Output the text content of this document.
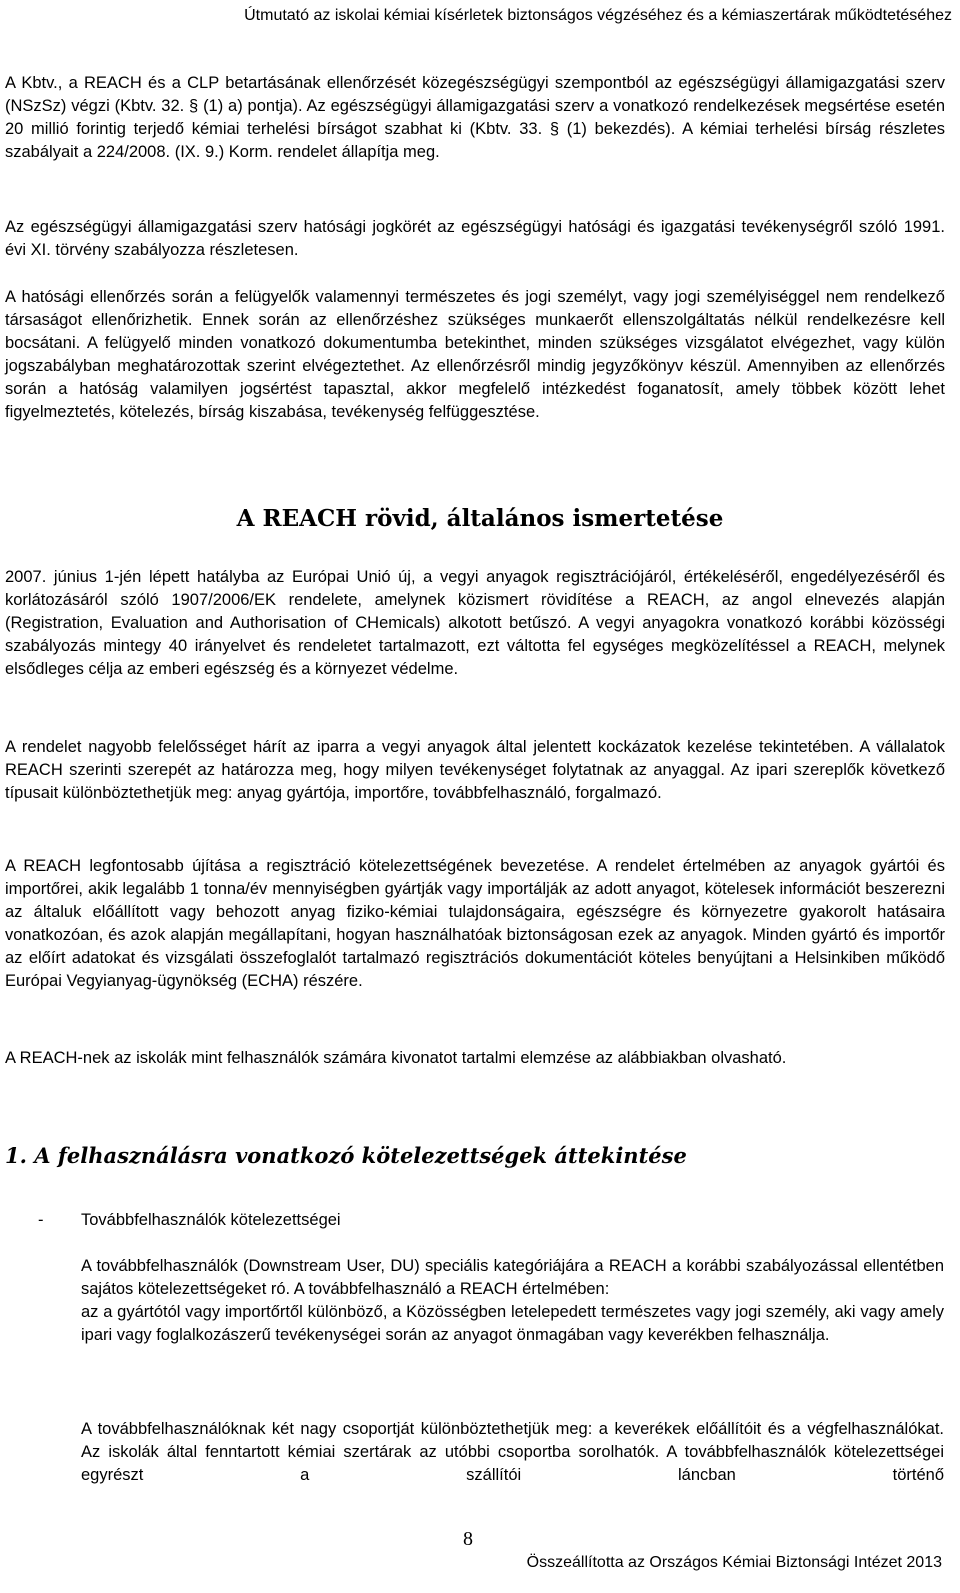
Útmutató az iskolai kémiai kísérletek biztonságos végzéséhez és a kémiaszertárak működtetéséhez

A Kbtv., a REACH és a CLP betartásának ellenőrzését közegészségügyi szempontból az egészségügyi államigazgatási szerv (NSzSz) végzi (Kbtv. 32. § (1) a) pontja). Az egészségügyi államigazgatási szerv a vonatkozó rendelkezések megsértése esetén 20 millió forintig terjedő kémiai terhelési bírságot szabhat ki (Kbtv. 33. § (1) bekezdés). A kémiai terhelési bírság részletes szabályait a 224/2008. (IX. 9.) Korm. rendelet állapítja meg.

Az egészségügyi államigazgatási szerv hatósági jogkörét az egészségügyi hatósági és igazgatási tevékenységről szóló 1991. évi XI. törvény szabályozza részletesen.

A hatósági ellenőrzés során a felügyelők valamennyi természetes és jogi személyt, vagy jogi személyiséggel nem rendelkező társaságot ellenőrizhetik. Ennek során az ellenőrzéshez szükséges munkaerőt ellenszolgáltatás nélkül rendelkezésre kell bocsátani. A felügyelő minden vonatkozó dokumentumba betekinthet, minden szükséges vizsgálatot elvégezhet, vagy külön jogszabályban meghatározottak szerint elvégeztethet. Az ellenőrzésről mindig jegyzőkönyv készül. Amennyiben az ellenőrzés során a hatóság valamilyen jogsértést tapasztal, akkor megfelelő intézkedést foganatosít, amely többek között lehet figyelmeztetés, kötelezés, bírság kiszabása, tevékenység felfüggesztése.

A REACH rövid, általános ismertetése

2007. június 1-jén lépett hatályba az Európai Unió új, a vegyi anyagok regisztrációjáról, értékeléséről, engedélyezéséről és korlátozásáról szóló 1907/2006/EK rendelete, amelynek közismert rövidítése a REACH, az angol elnevezés alapján (Registration, Evaluation and Authorisation of CHemicals) alkotott betűszó. A vegyi anyagokra vonatkozó korábbi közösségi szabályozás mintegy 40 irányelvet és rendeletet tartalmazott, ezt váltotta fel egységes megközelítéssel a REACH, melynek elsődleges célja az emberi egészség és a környezet védelme.

A rendelet nagyobb felelősséget hárít az iparra a vegyi anyagok által jelentett kockázatok kezelése tekintetében. A vállalatok REACH szerinti szerepét az határozza meg, hogy milyen tevékenységet folytatnak az anyaggal. Az ipari szereplők következő típusait különböztethetjük meg: anyag gyártója, importőre, továbbfelhasználó, forgalmazó.

A REACH legfontosabb újítása a regisztráció kötelezettségének bevezetése. A rendelet értelmében az anyagok gyártói és importőrei, akik legalább 1 tonna/év mennyiségben gyártják vagy importálják az adott anyagot, kötelesek információt beszerezni az általuk előállított vagy behozott anyag fiziko-kémiai tulajdonságaira, egészségre és környezetre gyakorolt hatásaira vonatkozóan, és azok alapján megállapítani, hogyan használhatóak biztonságosan ezek az anyagok. Minden gyártó és importőr az előírt adatokat és vizsgálati összefoglalót tartalmazó regisztrációs dokumentációt köteles benyújtani a Helsinkiben működő Európai Vegyianyag-ügynökség (ECHA) részére.

A REACH-nek az iskolák mint felhasználók számára kivonatot tartalmi elemzése az alábbiakban olvasható.

1. A felhasználásra vonatkozó kötelezettségek áttekintése
- Továbbfelhasználók kötelezettségei

A továbbfelhasználók (Downstream User, DU) speciális kategóriájára a REACH a korábbi szabályozással ellentétben sajátos kötelezettségeket ró. A továbbfelhasználó a REACH értelmében:

az a gyártótól vagy importőrtől különböző, a Közösségben letelepedett természetes vagy jogi személy, aki vagy amely ipari vagy foglalkozászerű tevékenységei során az anyagot önmagában vagy keverékben felhasználja.

A továbbfelhasználóknak két nagy csoportját különböztethetjük meg: a keverékek előállítóit és a végfelhasználókat. Az iskolák által fenntartott kémiai szertárak az utóbbi csoportba sorolhatók. A továbbfelhasználók kötelezettségei egyrészt a szállítói láncban történő

8
Összeállította az Országos Kémiai Biztonsági Intézet 2013
